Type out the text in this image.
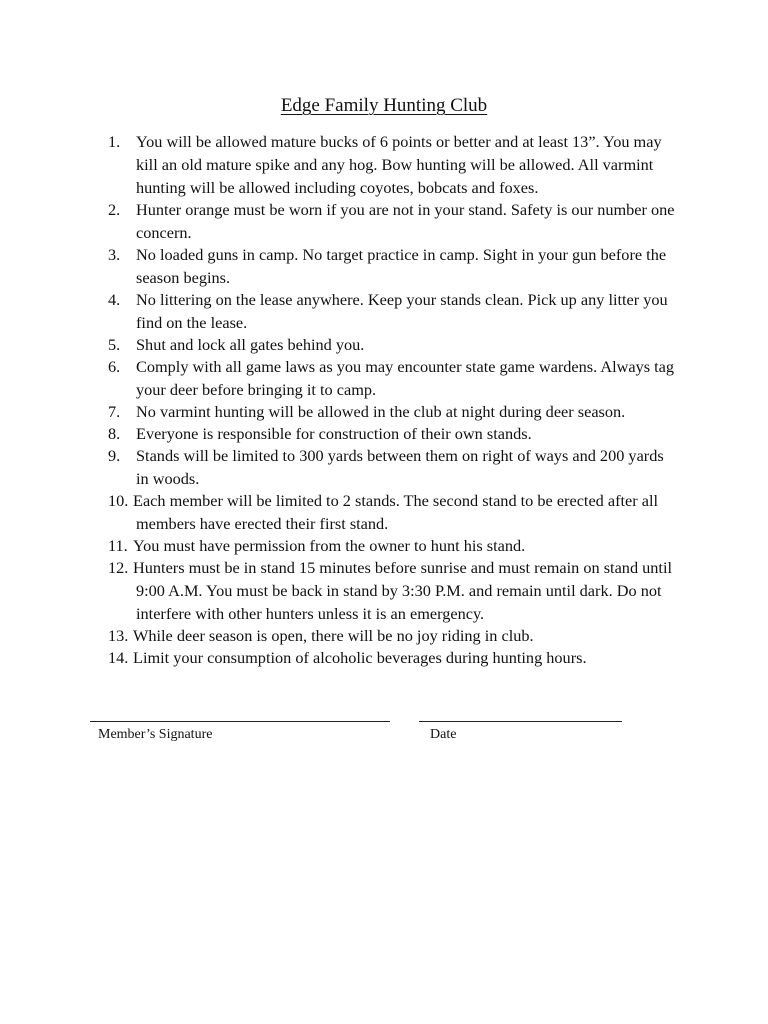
Edge Family Hunting Club
1. You will be allowed mature bucks of 6 points or better and at least 13”. You may kill an old mature spike and any hog. Bow hunting will be allowed. All varmint hunting will be allowed including coyotes, bobcats and foxes.
2. Hunter orange must be worn if you are not in your stand. Safety is our number one concern.
3. No loaded guns in camp. No target practice in camp. Sight in your gun before the season begins.
4. No littering on the lease anywhere. Keep your stands clean. Pick up any litter you find on the lease.
5. Shut and lock all gates behind you.
6. Comply with all game laws as you may encounter state game wardens. Always tag your deer before bringing it to camp.
7. No varmint hunting will be allowed in the club at night during deer season.
8. Everyone is responsible for construction of their own stands.
9. Stands will be limited to 300 yards between them on right of ways and 200 yards in woods.
10. Each member will be limited to 2 stands. The second stand to be erected after all members have erected their first stand.
11. You must have permission from the owner to hunt his stand.
12. Hunters must be in stand 15 minutes before sunrise and must remain on stand until 9:00 A.M. You must be back in stand by 3:30 P.M. and remain until dark. Do not interfere with other hunters unless it is an emergency.
13. While deer season is open, there will be no joy riding in club.
14. Limit your consumption of alcoholic beverages during hunting hours.
Member’s Signature	Date
